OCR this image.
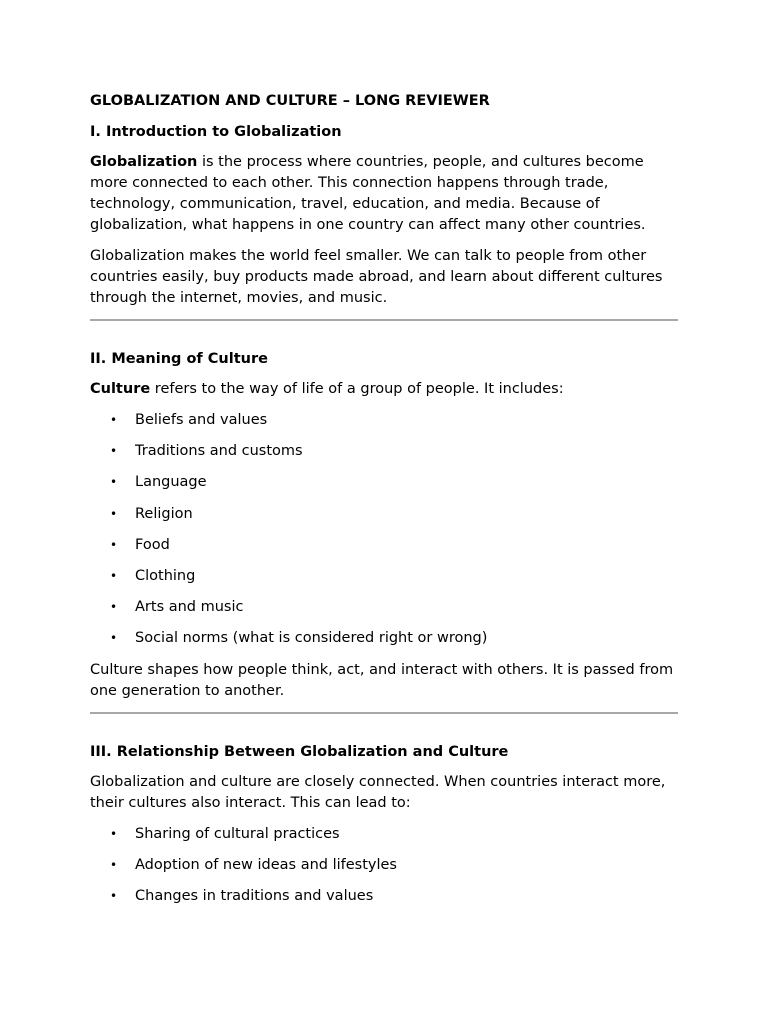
GLOBALIZATION AND CULTURE – LONG REVIEWER
I. Introduction to Globalization

Globalization is the process where countries, people, and cultures become more connected to each other. This connection happens through trade, technology, communication, travel, education, and media. Because of globalization, what happens in one country can affect many other countries.

Globalization makes the world feel smaller. We can talk to people from other countries easily, buy products made abroad, and learn about different cultures through the internet, movies, and music.

II. Meaning of Culture

Culture refers to the way of life of a group of people. It includes:

• Beliefs and values
• Traditions and customs
• Language
• Religion
• Food
• Clothing
• Arts and music
• Social norms (what is considered right or wrong)

Culture shapes how people think, act, and interact with others. It is passed from one generation to another.

III. Relationship Between Globalization and Culture

Globalization and culture are closely connected. When countries interact more, their cultures also interact. This can lead to:

• Sharing of cultural practices
• Adoption of new ideas and lifestyles
• Changes in traditions and values
